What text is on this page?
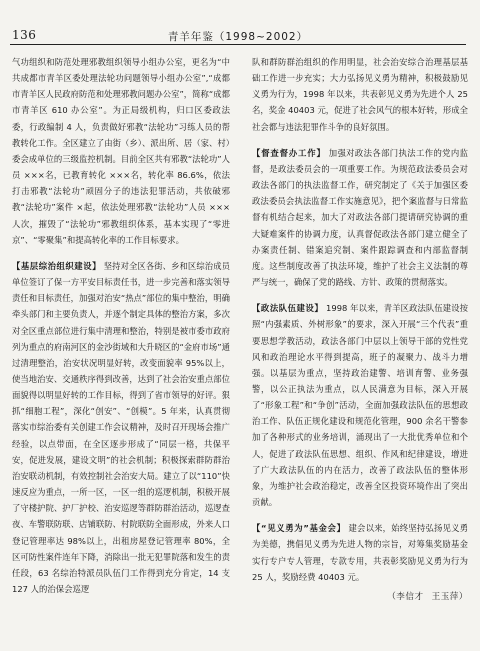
136	青羊年鉴（1998~2002）

气功组织和防范处理邪教组织领导小组办公室，更名为“中共成都市青羊区委处理法轮功问题领导小组办公室”,“成都市青羊区人民政府防范和处理邪教问题办公室”，简称“成都市青羊区 610 办公室”。为正局级机构，归口区委政法委，行政编制 4 人，负责做好邪教“法轮功”习练人员的帮教转化工作。全区建立了由街（乡）、派出所、居（家、村）委会成单位的三级监控机制。目前全区共有邪教“法轮功”人员 ×××名，已教育转化 ×××名，转化率 86.6%，依法打击邪教“法轮功”顽固分子的违法犯罪活动，共依破邪教“法轮功”案件 ×起，依法处理邪教“法轮功”人员 ×××人次，摧毁了“法轮功”邪教组织体系，基本实现了“零进京”、“零聚集”和提高转化率的工作目标要求。

【基层综治组织建设】 坚持对全区各街、乡和区综治成员单位签订了保一方平安目标责任书，进一步完善和落实领导责任和目标责任，加强对治安“热点”部位的集中整治，明确牵头部门和主要负责人，并逐个制定具体的整治方案，多次对全区重点部位进行集中清理和整治，特别是被市委市政府列为重点的府南河区的金沙街域和大升晓区的“金府市场”通过清理整治，治安状况明显好转，改变面貌率 95%以上，使当地治安、交通秩序得到改善，达到了社会治安重点部位面貌得以明显好转的工作目标，得到了省市领导的好评。狠抓“细胞工程”，深化“创安”、“创模”。5 年来，认真贯彻落实市综治委有关创建工作会议精神，及时召开现场会推广经验，以点带面，在全区逐步形成了“同层一格，共保平安，促进发展，建设文明”的社会机制；积极探索群防群治治安联动机制，有效控制社会治安大局。建立了以“110”快速反应为重点，一所一区，一区一组的巡逻机制，积极开展了守楼护院、护厂护校、治安巡逻等群防群治活动，巡逻查夜、车警联防联、店铺联防、村院联防全面形成，外来人口登记管理率达 98%以上，出租房屋登记管理率 80%，全区可防性案件连年下降，消除出一批无犯罪院落和发生的责任段，63 名综治特派员队伍门工作得到充分肯定，14 支 127 人的治保会巡逻

队和群防群治组织的作用明显，社会治安综合治理基层基础工作进一步充实；大力弘扬见义勇为精神，积极鼓励见义勇为行为，1998 年以来，共表彰见义勇为先进个人 25 名，奖金 40403 元，促进了社会风气的根本好转，形成全社会都与违法犯罪作斗争的良好氛围。

【督查督办工作】 加强对政法各部门执法工作的党内监督，是政法委员会的一项重要工作。为规范政法委员会对政法各部门的执法监督工作，研究制定了《关于加强区委政法委员会执法监督工作实施意见》，把个案监督与日常监督有机结合起来，加大了对政法各部门提请研究协调的重大疑难案件的协调力度，认真督促政法各部门建立健全了办案责任制、错案追究制、案件跟踪调查和内部监督制度。这些制度改善了执法环境，维护了社会主义法制的尊严与统一，确保了党的路线、方针、政策的贯彻落实。

【政法队伍建设】 1998 年以来，青羊区政法队伍建设按照“内强素质、外树形象”的要求，深入开展“三个代表”重要思想学教活动，政法各部门中层以上领导干部的党性党风和政治理论水平得到提高，班子的凝聚力、战斗力增强。以基层为重点，坚持政治建警、培训育警、业务强警，以公正执法为重点，以人民满意为目标，深入开展了“形象工程”和“争创”活动，全面加强政法队伍的思想政治工作、队伍正规化建设和规范化管理，900 余名干警参加了各种形式的业务培训，涌现出了一大批优秀单位和个人，促进了政法队伍思想、组织、作风和纪律建设，增进了广大政法队伍的内在活力，改善了政法队伍的整体形象，为维护社会政治稳定，改善全区投资环境作出了突出贡献。

【“见义勇为”基金会】 建会以来，始终坚持弘扬见义勇为美德，携倡见义勇为先进人物的宗旨，对筹集奖励基金实行专户专人管理，专款专用，共表彰奖励见义勇为行为 25 人，奖励经费 40403 元。

（李信才 王玉萍）
